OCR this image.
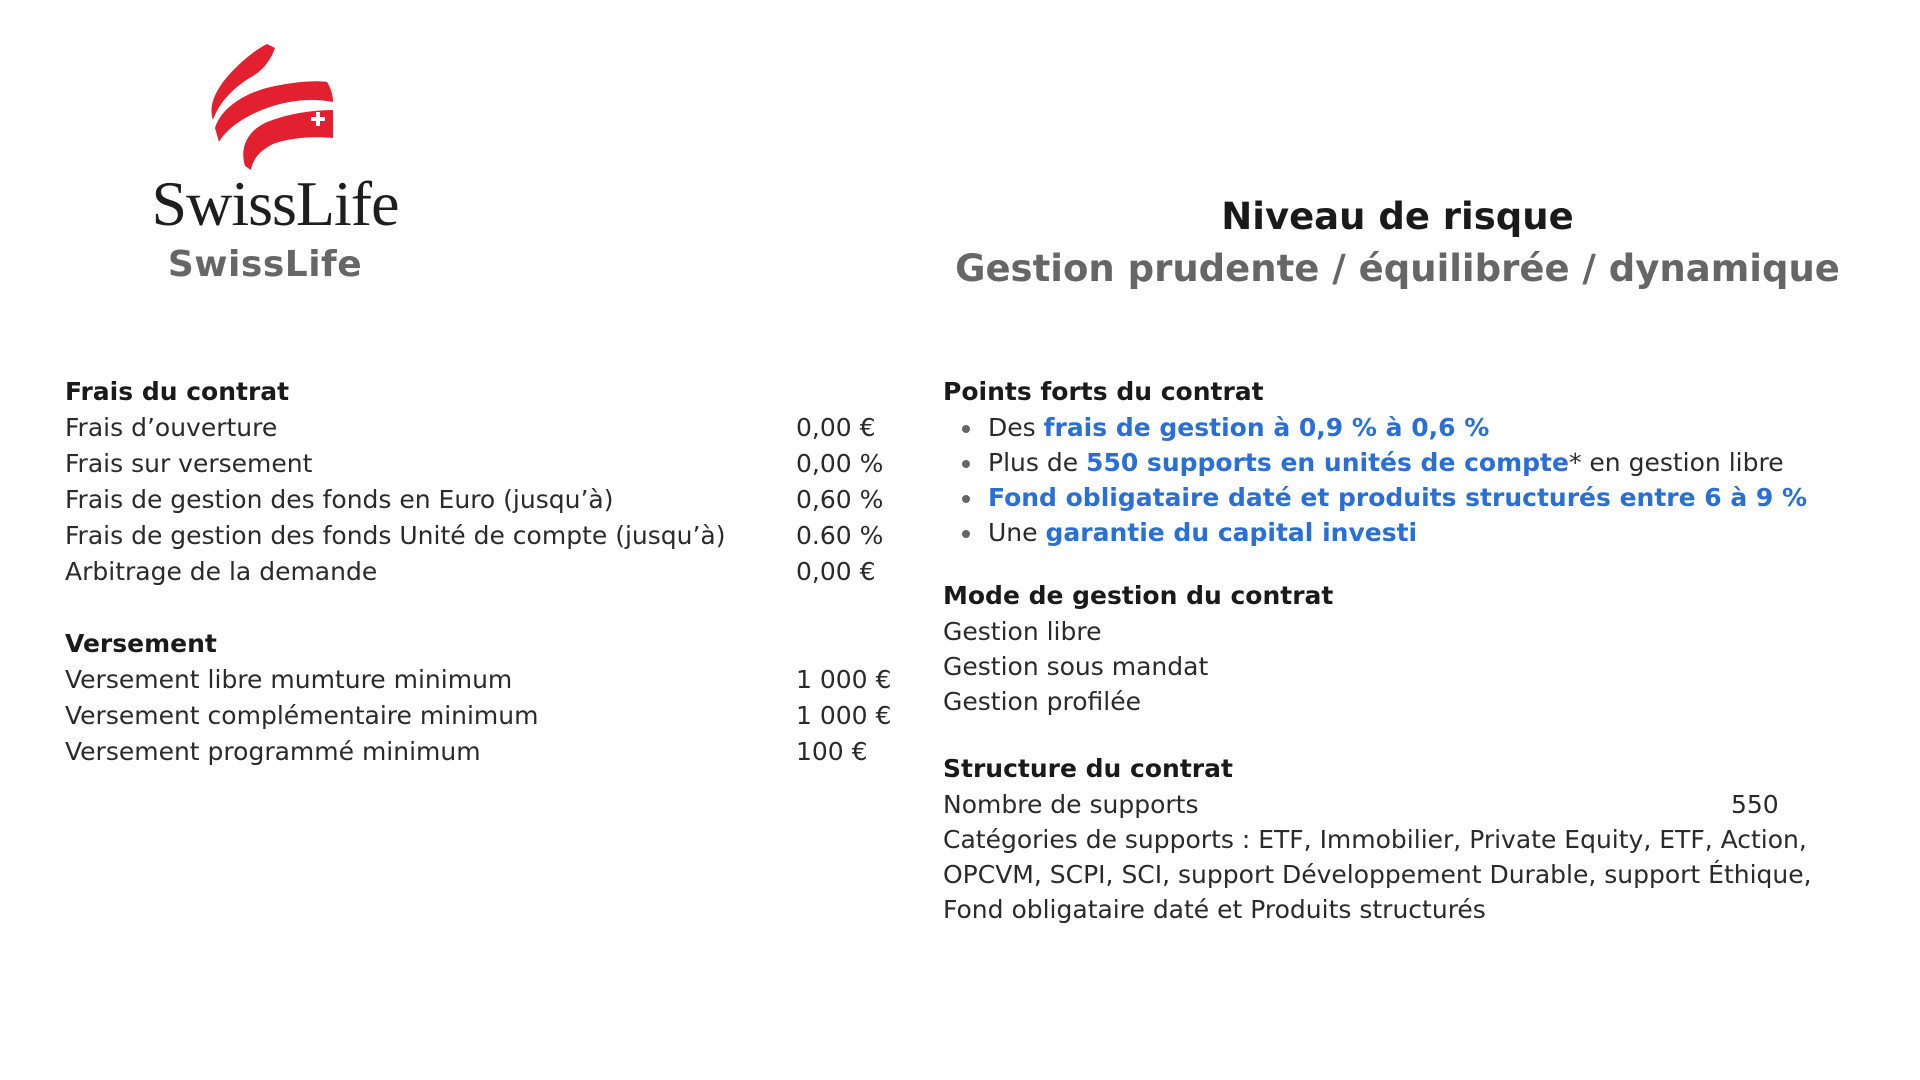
SwissLife
SwissLife
Niveau de risque
Gestion prudente / équilibrée / dynamique
Frais du contrat
Frais d’ouverture	0,00 €
Frais sur versement	0,00 %
Frais de gestion des fonds en Euro (jusqu’à)	0,60 %
Frais de gestion des fonds Unité de compte (jusqu’à)	0.60 %
Arbitrage de la demande	0,00 €
Versement
Versement libre mumture minimum	1 000 €
Versement complémentaire minimum	1 000 €
Versement programmé minimum	100 €
Points forts du contrat
Des frais de gestion à 0,9 % à 0,6 %
Plus de 550 supports en unités de compte* en gestion libre
Fond obligataire daté et produits structurés entre 6 à 9 %
Une garantie du capital investi
Mode de gestion du contrat
Gestion libre
Gestion sous mandat
Gestion profilée
Structure du contrat
Nombre de supports	550
Catégories de supports : ETF, Immobilier, Private Equity, ETF, Action, OPCVM, SCPI, SCI, support Développement Durable, support Éthique, Fond obligataire daté et Produits structurés
